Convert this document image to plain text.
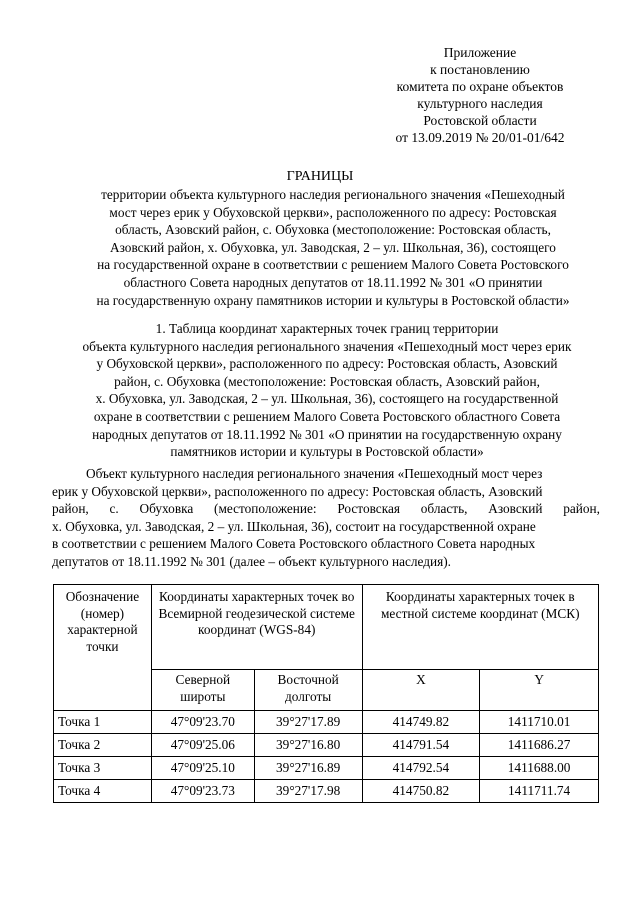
Приложение
к постановлению
комитета по охране объектов
культурного наследия
Ростовской области
от 13.09.2019 № 20/01-01/642
ГРАНИЦЫ
территории объекта культурного наследия регионального значения «Пешеходный
мост через ерик у Обуховской церкви», расположенного по адресу: Ростовская
область, Азовский район, с. Обуховка (местоположение: Ростовская область,
Азовский район, х. Обуховка, ул. Заводская, 2 – ул. Школьная, 36), состоящего
на государственной охране в соответствии с решением Малого Совета Ростовского
областного Совета народных депутатов от 18.11.1992 № 301 «О принятии
на государственную охрану памятников истории и культуры в Ростовской области»
1. Таблица координат характерных точек границ территории
объекта культурного наследия регионального значения «Пешеходный мост через ерик
у Обуховской церкви», расположенного по адресу: Ростовская область, Азовский
район, с. Обуховка (местоположение: Ростовская область, Азовский район,
х. Обуховка, ул. Заводская, 2 – ул. Школьная, 36), состоящего на государственной
охране в соответствии с решением Малого Совета Ростовского областного Совета
народных депутатов от 18.11.1992 № 301 «О принятии на государственную охрану
памятников истории и культуры в Ростовской области»
Объект культурного наследия регионального значения «Пешеходный мост через
ерик у Обуховской церкви», расположенного по адресу: Ростовская область, Азовский
район, с. Обуховка (местоположение: Ростовская область, Азовский район,
х. Обуховка, ул. Заводская, 2 – ул. Школьная, 36), состоит на государственной охране
в соответствии с решением Малого Совета Ростовского областного Совета народных
депутатов от 18.11.1992 № 301 (далее – объект культурного наследия).
Обозначение (номер) характерной точки	Координаты характерных точек во Всемирной геодезической системе координат (WGS-84)		Координаты характерных точек в местной системе координат (МСК)	
	Северной широты	Восточной долготы	X	Y
Точка 1	47°09'23.70	39°27'17.89	414749.82	1411710.01
Точка 2	47°09'25.06	39°27'16.80	414791.54	1411686.27
Точка 3	47°09'25.10	39°27'16.89	414792.54	1411688.00
Точка 4	47°09'23.73	39°27'17.98	414750.82	1411711.74
